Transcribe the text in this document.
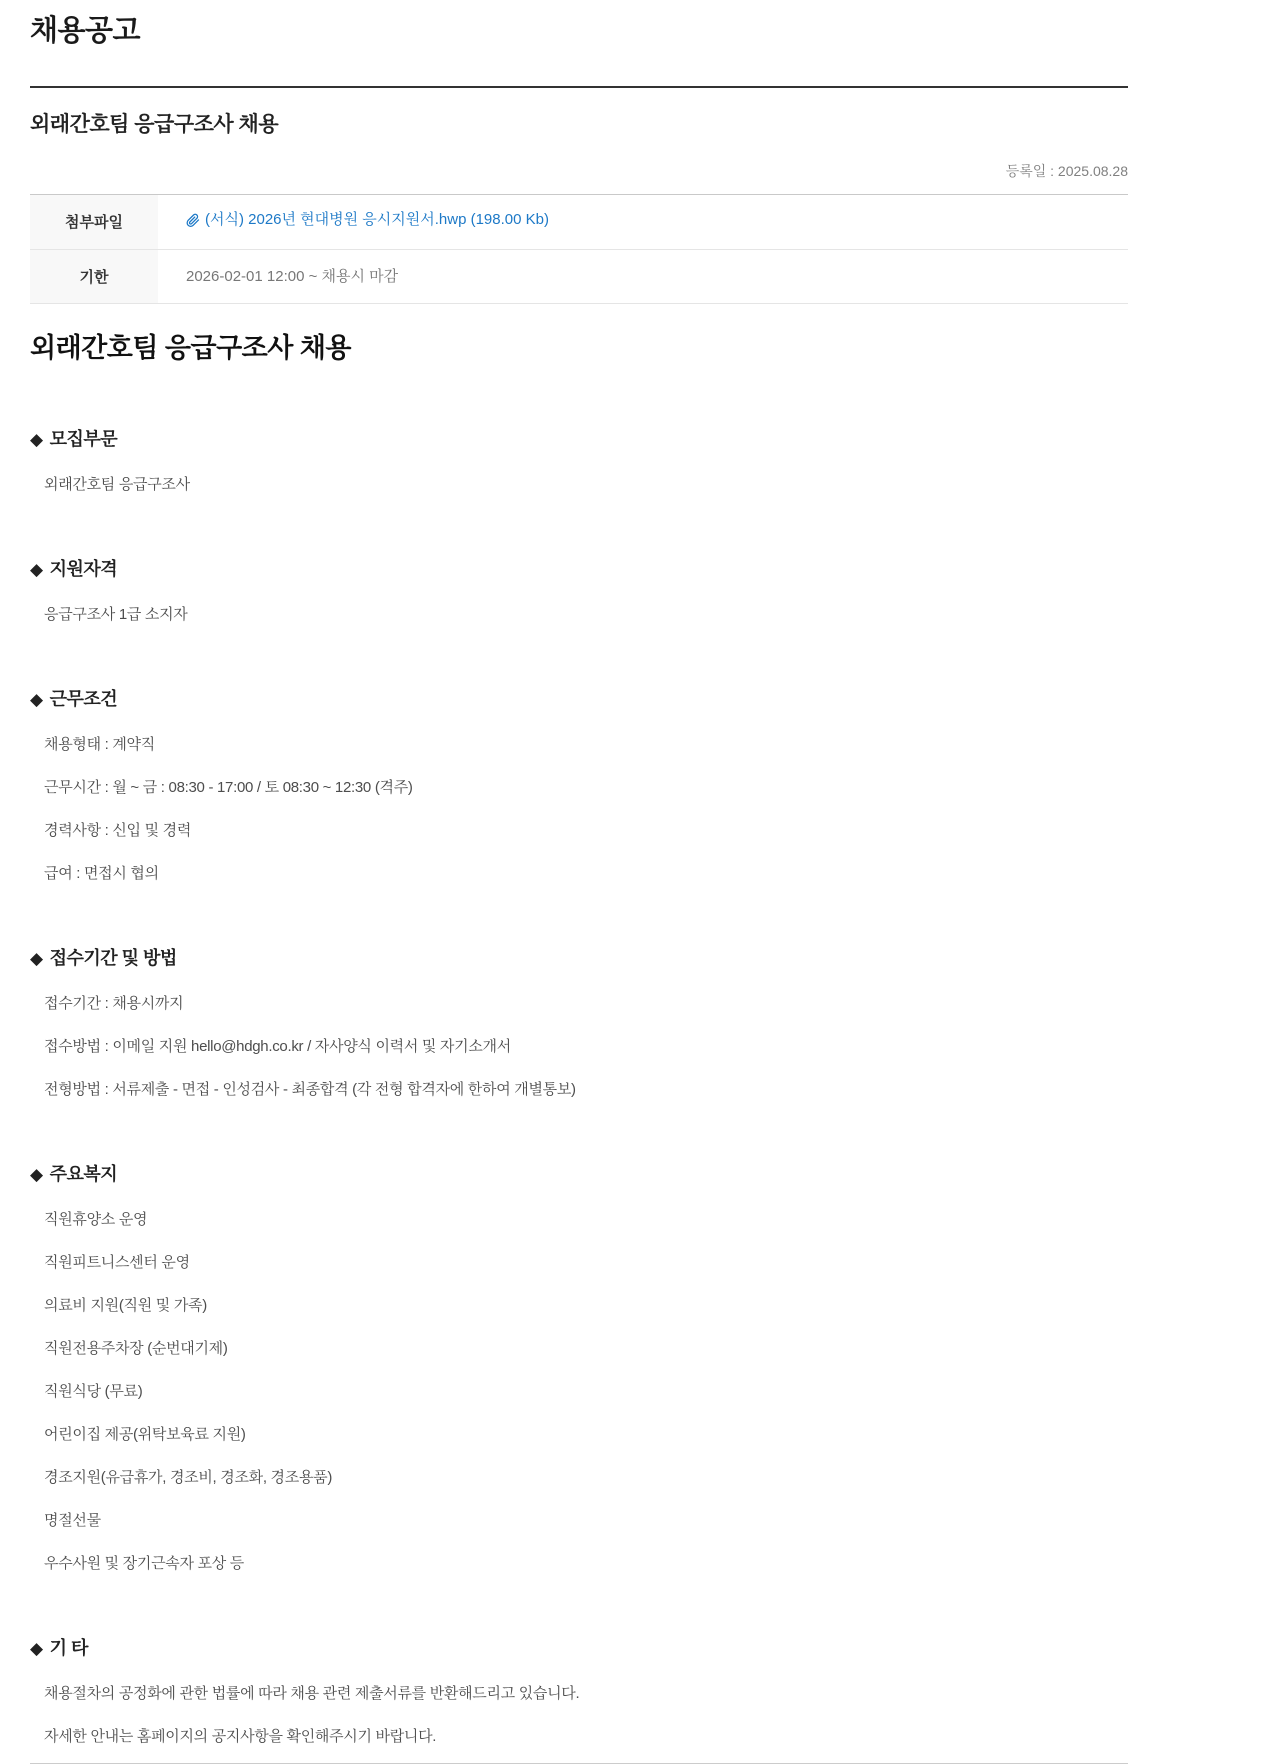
채용공고
외래간호팀 응급구조사 채용
등록일 : 2025.08.28
첨부파일	(서식) 2026년 현대병원 응시지원서.hwp (198.00 Kb)
기한	2026-02-01 12:00 ~ 채용시 마감
외래간호팀 응급구조사 채용
◆ 모집부문
외래간호팀 응급구조사
◆ 지원자격
응급구조사 1급 소지자
◆ 근무조건
채용형태 : 계약직
근무시간 : 월 ~ 금 : 08:30 - 17:00 / 토 08:30 ~ 12:30 (격주)
경력사항 : 신입 및 경력
급여 : 면접시 협의
◆ 접수기간 및 방법
접수기간 : 채용시까지
접수방법 : 이메일 지원 hello@hdgh.co.kr / 자사양식 이력서 및 자기소개서
전형방법 : 서류제출 - 면접 - 인성검사 - 최종합격 (각 전형 합격자에 한하여 개별통보)
◆ 주요복지
직원휴양소 운영
직원피트니스센터 운영
의료비 지원(직원 및 가족)
직원전용주차장 (순번대기제)
직원식당 (무료)
어린이집 제공(위탁보육료 지원)
경조지원(유급휴가, 경조비, 경조화, 경조용품)
명절선물
우수사원 및 장기근속자 포상 등
◆ 기 타
채용절차의 공정화에 관한 법률에 따라 채용 관련 제출서류를 반환해드리고 있습니다.
자세한 안내는 홈페이지의 공지사항을 확인해주시기 바랍니다.
